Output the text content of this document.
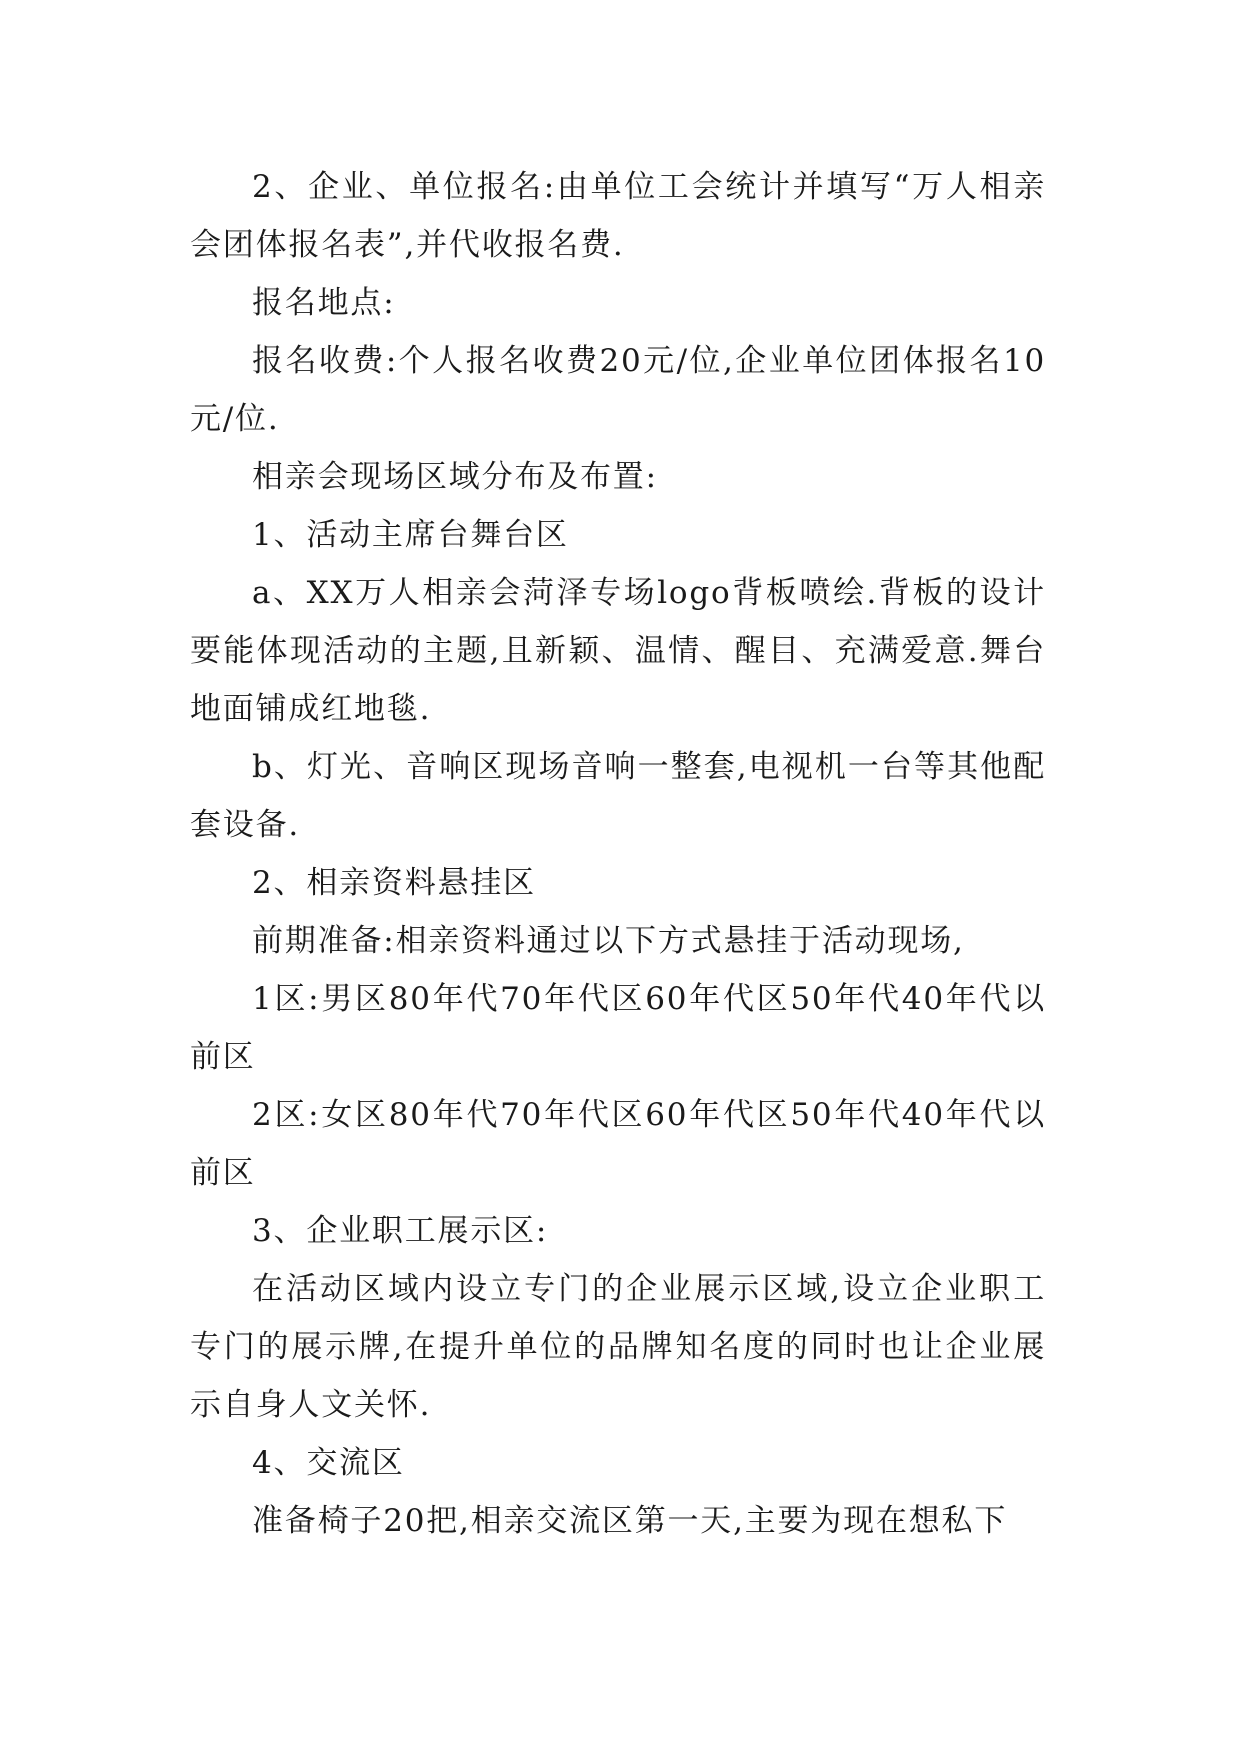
2、企业、单位报名:由单位工会统计并填写“万人相亲会团体报名表”,并代收报名费.

报名地点:

报名收费:个人报名收费20元/位,企业单位团体报名10元/位.

相亲会现场区域分布及布置:

1、活动主席台舞台区

a、XX万人相亲会菏泽专场logo背板喷绘.背板的设计要能体现活动的主题,且新颖、温情、醒目、充满爱意.舞台地面铺成红地毯.

b、灯光、音响区现场音响一整套,电视机一台等其他配套设备.

2、相亲资料悬挂区

前期准备:相亲资料通过以下方式悬挂于活动现场,

1区:男区80年代70年代区60年代区50年代40年代以前区

2区:女区80年代70年代区60年代区50年代40年代以前区

3、企业职工展示区:

在活动区域内设立专门的企业展示区域,设立企业职工专门的展示牌,在提升单位的品牌知名度的同时也让企业展示自身人文关怀.

4、交流区

准备椅子20把,相亲交流区第一天,主要为现在想私下
